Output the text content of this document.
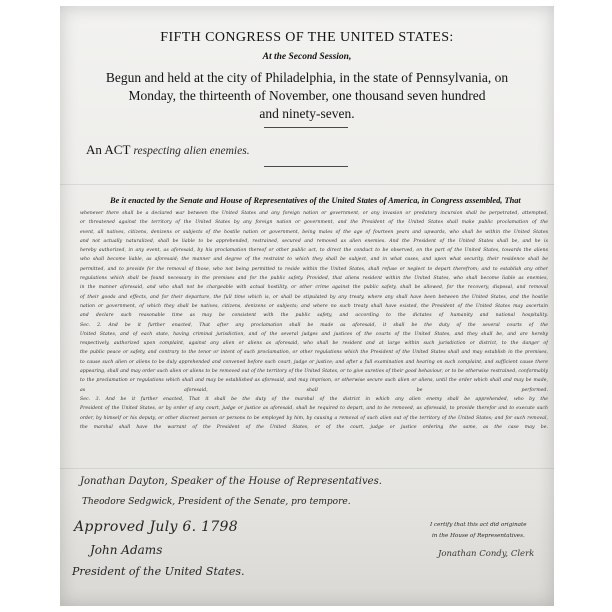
FIFTH CONGRESS OF THE UNITED STATES:
At the Second Session,
Begun and held at the city of Philadelphia, in the state of Pennsylvania, on
Monday, the thirteenth of November, one thousand seven hundred
and ninety-seven.
An ACT respecting alien enemies.
Be it enacted by the Senate and House of Representatives of the United States of America, in Congress assembled, That
whenever there shall be a declared war between the United States and any foreign nation or government, or any invasion or predatory incursion shall be perpetrated, attempted,
or threatened against the territory of the United States by any foreign nation or government, and the President of the United States shall make public proclamation of the
event, all natives, citizens, denizens or subjects of the hostile nation or government, being males of the age of fourteen years and upwards, who shall be within the United States
and not actually naturalized, shall be liable to be apprehended, restrained, secured and removed as alien enemies. And the President of the United States shall be, and he is
hereby authorized, in any event, as aforesaid, by his proclamation thereof or other public act, to direct the conduct to be observed, on the part of the United States, towards the aliens
who shall become liable, as aforesaid; the manner and degree of the restraint to which they shall be subject, and in what cases, and upon what security, their residence shall be
permitted, and to provide for the removal of those, who not being permitted to reside within the United States, shall refuse or neglect to depart therefrom; and to establish any other
regulations which shall be found necessary in the premises and for the public safety. Provided, that aliens resident within the United States, who shall become liable as enemies,
in the manner aforesaid, and who shall not be chargeable with actual hostility, or other crime against the public safety, shall be allowed, for the recovery, disposal, and removal
of their goods and effects, and for their departure, the full time which is, or shall be stipulated by any treaty, where any shall have been between the United States, and the hostile
nation or government, of which they shall be natives, citizens, denizens or subjects; and where no such treaty shall have existed, the President of the United States may ascertain
and declare such reasonable time as may be consistent with the public safety, and according to the dictates of humanity and national hospitality.
Sec. 2. And be it further enacted, That after any proclamation shall be made as aforesaid, it shall be the duty of the several courts of the
United States, and of each state, having criminal jurisdiction, and of the several judges and justices of the courts of the United States, and they shall be, and are hereby
respectively, authorized upon complaint, against any alien or aliens as aforesaid, who shall be resident and at large within such jurisdiction or district, to the danger of
the public peace or safety, and contrary to the tenor or intent of such proclamation, or other regulations which the President of the United States shall and may establish in the premises,
to cause such alien or aliens to be duly apprehended and convened before such court, judge or justice; and after a full examination and hearing on such complaint, and sufficient cause there
appearing, shall and may order such alien or aliens to be removed out of the territory of the United States, or to give sureties of their good behaviour, or to be otherwise restrained, conformably
to the proclamation or regulations which shall and may be established as aforesaid, and may imprison, or otherwise secure such alien or aliens, until the order which shall and may be made,
as aforesaid, shall be performed.
Sec. 3. And be it further enacted, That it shall be the duty of the marshal of the district in which any alien enemy shall be apprehended, who by the
President of the United States, or by order of any court, judge or justice as aforesaid, shall be required to depart, and to be removed, as aforesaid, to provide therefor and to execute such
order, by himself or his deputy, or other discreet person or persons to be employed by him, by causing a removal of such alien out of the territory of the United States; and for such removal,
the marshal shall have the warrant of the President of the United States, or of the court, judge or justice ordering the same, as the case may be.
Jonathan Dayton, Speaker of the House of Representatives.
Theodore Sedgwick, President of the Senate, pro tempore.
Approved July 6. 1798
John Adams
President of the United States.
I certify that this act did originate
in the House of Representatives.
Jonathan Condy, Clerk
